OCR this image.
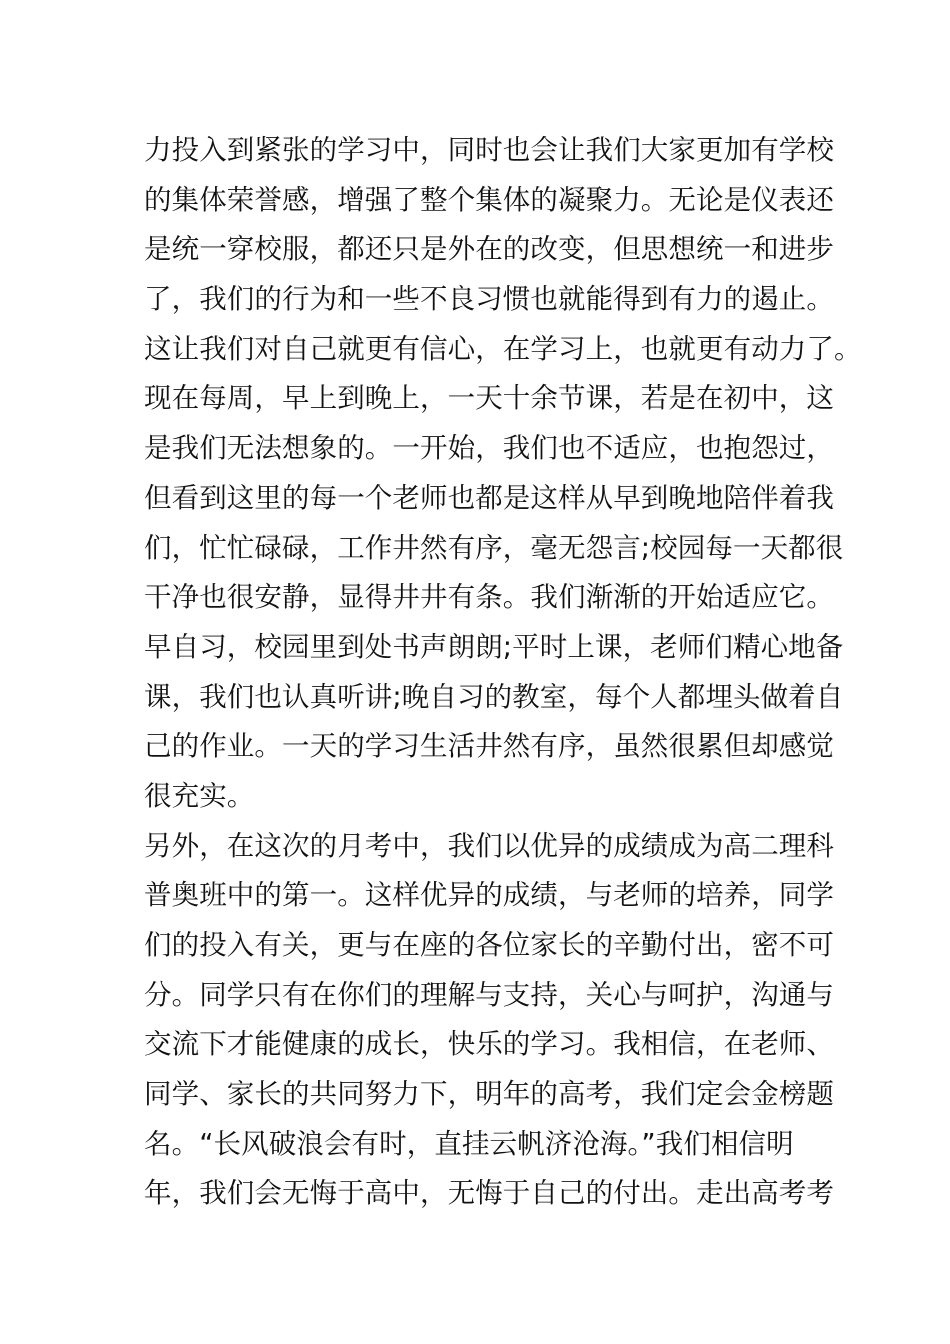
力投入到紧张的学习中，同时也会让我们大家更加有学校
的集体荣誉感，增强了整个集体的凝聚力。无论是仪表还
是统一穿校服，都还只是外在的改变，但思想统一和进步
了，我们的行为和一些不良习惯也就能得到有力的遏止。
这让我们对自己就更有信心，在学习上，也就更有动力了。
现在每周，早上到晚上，一天十余节课，若是在初中，这
是我们无法想象的。一开始，我们也不适应，也抱怨过，
但看到这里的每一个老师也都是这样从早到晚地陪伴着我
们，忙忙碌碌，工作井然有序，毫无怨言;校园每一天都很
干净也很安静，显得井井有条。我们渐渐的开始适应它。
早自习，校园里到处书声朗朗;平时上课，老师们精心地备
课，我们也认真听讲;晚自习的教室，每个人都埋头做着自
己的作业。一天的学习生活井然有序，虽然很累但却感觉
很充实。
另外，在这次的月考中，我们以优异的成绩成为高二理科
普奥班中的第一。这样优异的成绩，与老师的培养，同学
们的投入有关，更与在座的各位家长的辛勤付出，密不可
分。同学只有在你们的理解与支持，关心与呵护，沟通与
交流下才能健康的成长，快乐的学习。我相信，在老师、
同学、家长的共同努力下，明年的高考，我们定会金榜题
名。“长风破浪会有时，直挂云帆济沧海。”我们相信明
年，我们会无悔于高中，无悔于自己的付出。走出高考考
